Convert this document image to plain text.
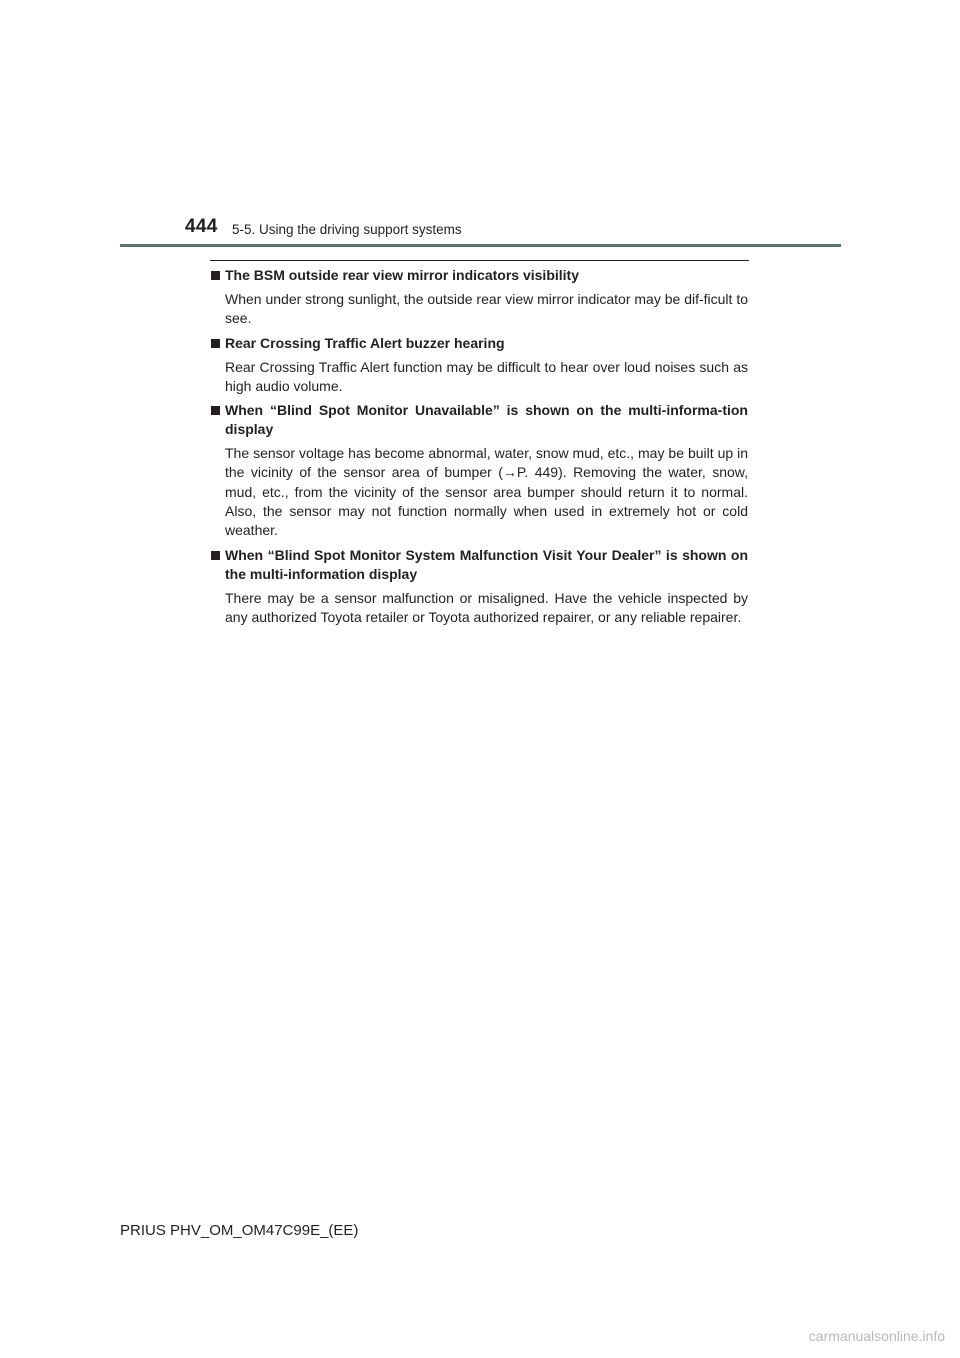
444 5-5. Using the driving support systems
The BSM outside rear view mirror indicators visibility
When under strong sunlight, the outside rear view mirror indicator may be dif-ficult to see.
Rear Crossing Traffic Alert buzzer hearing
Rear Crossing Traffic Alert function may be difficult to hear over loud noises such as high audio volume.
When “Blind Spot Monitor Unavailable” is shown on the multi-informa-tion display
The sensor voltage has become abnormal, water, snow mud, etc., may be built up in the vicinity of the sensor area of bumper (→P. 449). Removing the water, snow, mud, etc., from the vicinity of the sensor area bumper should return it to normal. Also, the sensor may not function normally when used in extremely hot or cold weather.
When “Blind Spot Monitor System Malfunction Visit Your Dealer” is shown on the multi-information display
There may be a sensor malfunction or misaligned. Have the vehicle inspected by any authorized Toyota retailer or Toyota authorized repairer, or any reliable repairer.
PRIUS PHV_OM_OM47C99E_(EE)
carmanualsonline.info
